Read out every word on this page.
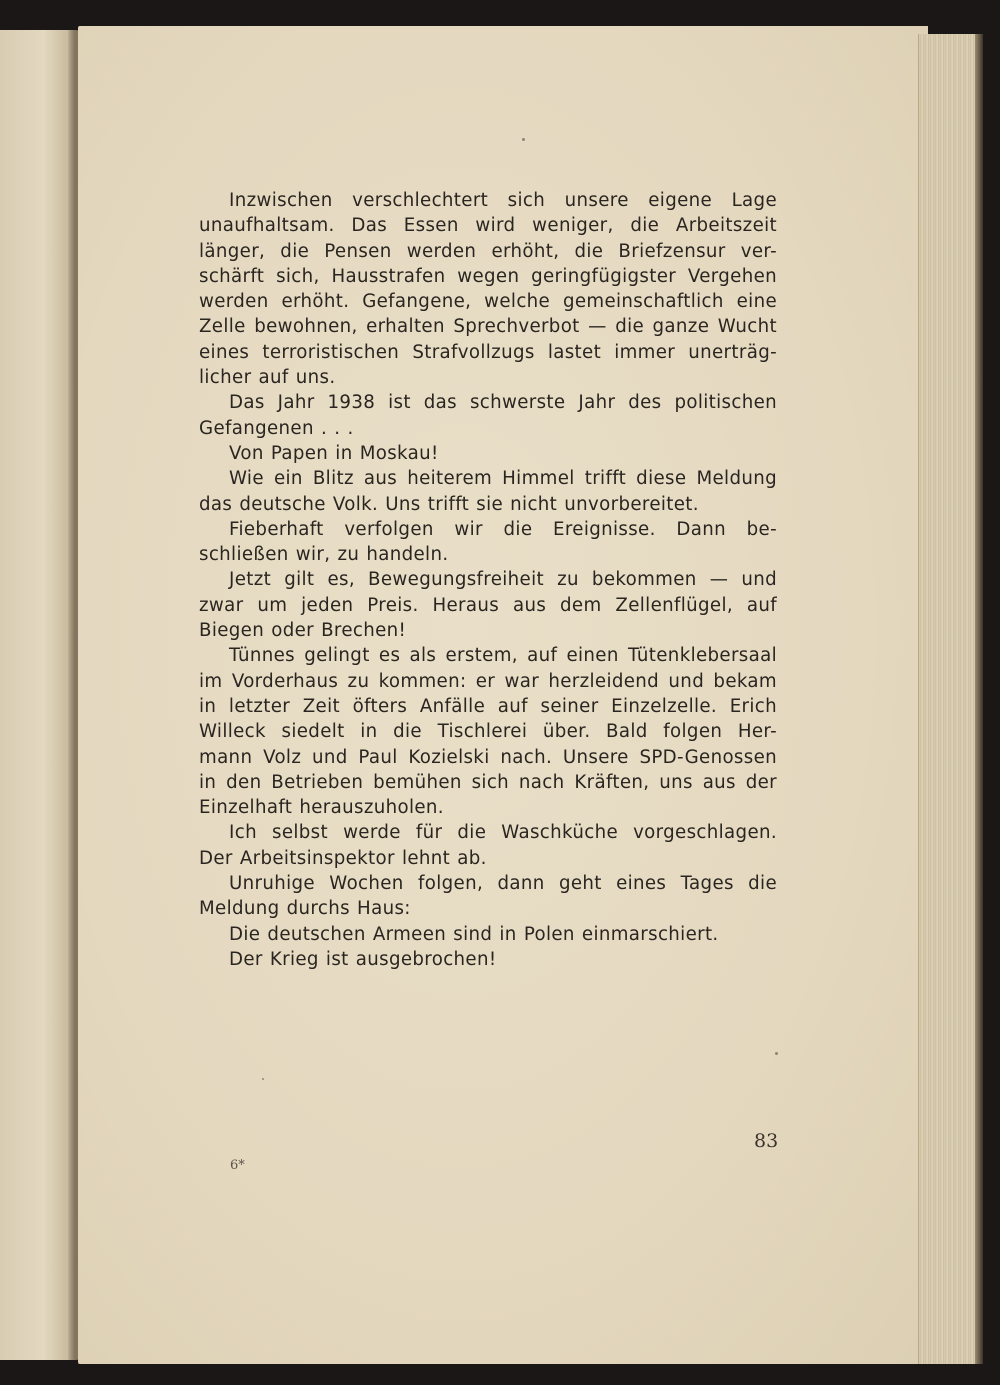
Inzwischen verschlechtert sich unsere eigene Lage
unaufhaltsam. Das Essen wird weniger, die Arbeitszeit
länger, die Pensen werden erhöht, die Briefzensur ver-
schärft sich, Hausstrafen wegen geringfügigster Vergehen
werden erhöht. Gefangene, welche gemeinschaftlich eine
Zelle bewohnen, erhalten Sprechverbot — die ganze Wucht
eines terroristischen Strafvollzugs lastet immer unerträg-
licher auf uns.
Das Jahr 1938 ist das schwerste Jahr des politischen
Gefangenen . . .
Von Papen in Moskau!
Wie ein Blitz aus heiterem Himmel trifft diese Meldung
das deutsche Volk. Uns trifft sie nicht unvorbereitet.
Fieberhaft verfolgen wir die Ereignisse. Dann be-
schließen wir, zu handeln.
Jetzt gilt es, Bewegungsfreiheit zu bekommen — und
zwar um jeden Preis. Heraus aus dem Zellenflügel, auf
Biegen oder Brechen!
Tünnes gelingt es als erstem, auf einen Tütenklebersaal
im Vorderhaus zu kommen: er war herzleidend und bekam
in letzter Zeit öfters Anfälle auf seiner Einzelzelle. Erich
Willeck siedelt in die Tischlerei über. Bald folgen Her-
mann Volz und Paul Kozielski nach. Unsere SPD-Genossen
in den Betrieben bemühen sich nach Kräften, uns aus der
Einzelhaft herauszuholen.
Ich selbst werde für die Waschküche vorgeschlagen.
Der Arbeitsinspektor lehnt ab.
Unruhige Wochen folgen, dann geht eines Tages die
Meldung durchs Haus:
Die deutschen Armeen sind in Polen einmarschiert.
Der Krieg ist ausgebrochen!
83
6*
